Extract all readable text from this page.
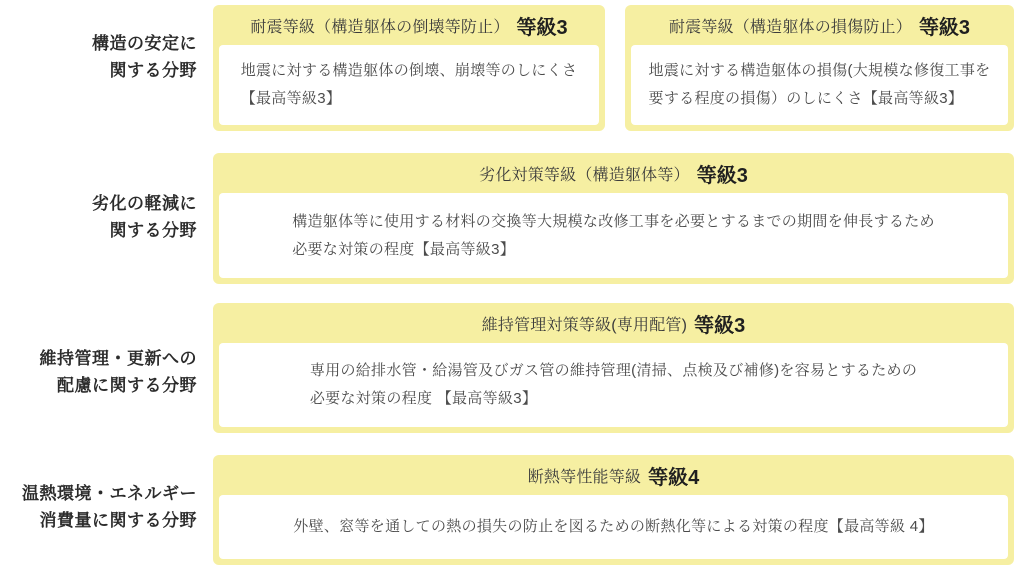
構造の安定に
関する分野
耐震等級（構造躯体の倒壊等防止） 等級3
地震に対する構造躯体の倒壊、崩壊等のしにくさ
【最高等級3】
耐震等級（構造躯体の損傷防止） 等級3
地震に対する構造躯体の損傷(大規模な修復工事を
要する程度の損傷）のしにくさ【最高等級3】
劣化の軽減に
関する分野
劣化対策等級（構造躯体等） 等級3
構造躯体等に使用する材料の交換等大規模な改修工事を必要とするまでの期間を伸長するため
必要な対策の程度【最高等級3】
維持管理・更新への
配慮に関する分野
維持管理対策等級(専用配管) 等級3
専用の給排水管・給湯管及びガス管の維持管理(清掃、点検及び補修)を容易とするための
必要な対策の程度 【最高等級3】
温熱環境・エネルギー
消費量に関する分野
断熱等性能等級 等級4
外壁、窓等を通しての熱の損失の防止を図るための断熱化等による対策の程度【最高等級 4】
